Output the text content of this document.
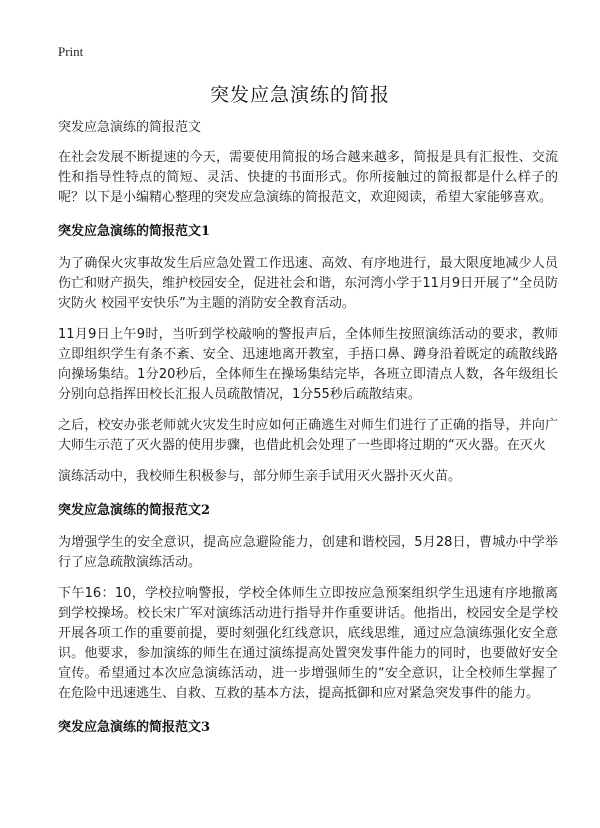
Print
突发应急演练的简报
突发应急演练的简报范文

在社会发展不断提速的今天，需要使用简报的场合越来越多，简报是具有汇报性、交流性和指导性特点的简短、灵活、快捷的书面形式。你所接触过的简报都是什么样子的呢？以下是小编精心整理的突发应急演练的简报范文，欢迎阅读，希望大家能够喜欢。

突发应急演练的简报范文1

为了确保火灾事故发生后应急处置工作迅速、高效、有序地进行，最大限度地减少人员伤亡和财产损失，维护校园安全，促进社会和谐，东河湾小学于11月9日开展了“全员防灾防火 校园平安快乐”为主题的消防安全教育活动。

11月9日上午9时，当听到学校敲响的警报声后，全体师生按照演练活动的要求，教师立即组织学生有条不紊、安全、迅速地离开教室，手捂口鼻、蹲身沿着既定的疏散线路向操场集结。1分20秒后，全体师生在操场集结完毕，各班立即清点人数，各年级组长分别向总指挥田校长汇报人员疏散情况，1分55秒后疏散结束。

之后，校安办张老师就火灾发生时应如何正确逃生对师生们进行了正确的指导，并向广大师生示范了灭火器的使用步骤，也借此机会处理了一些即将过期的“灭火器。在灭火

演练活动中，我校师生积极参与，部分师生亲手试用灭火器扑灭火苗。

突发应急演练的简报范文2

为增强学生的安全意识，提高应急避险能力，创建和谐校园，5月28日，曹城办中学举行了应急疏散演练活动。

下午16：10，学校拉响警报，学校全体师生立即按应急预案组织学生迅速有序地撤离到学校操场。校长宋广军对演练活动进行指导并作重要讲话。他指出，校园安全是学校开展各项工作的重要前提，要时刻强化红线意识，底线思维，通过应急演练强化安全意识。他要求，参加演练的师生在通过演练提高处置突发事件能力的同时，也要做好安全宣传。希望通过本次应急演练活动，进一步增强师生的“安全意识，让全校师生掌握了在危险中迅速逃生、自救、互救的基本方法，提高抵御和应对紧急突发事件的能力。

突发应急演练的简报范文3
